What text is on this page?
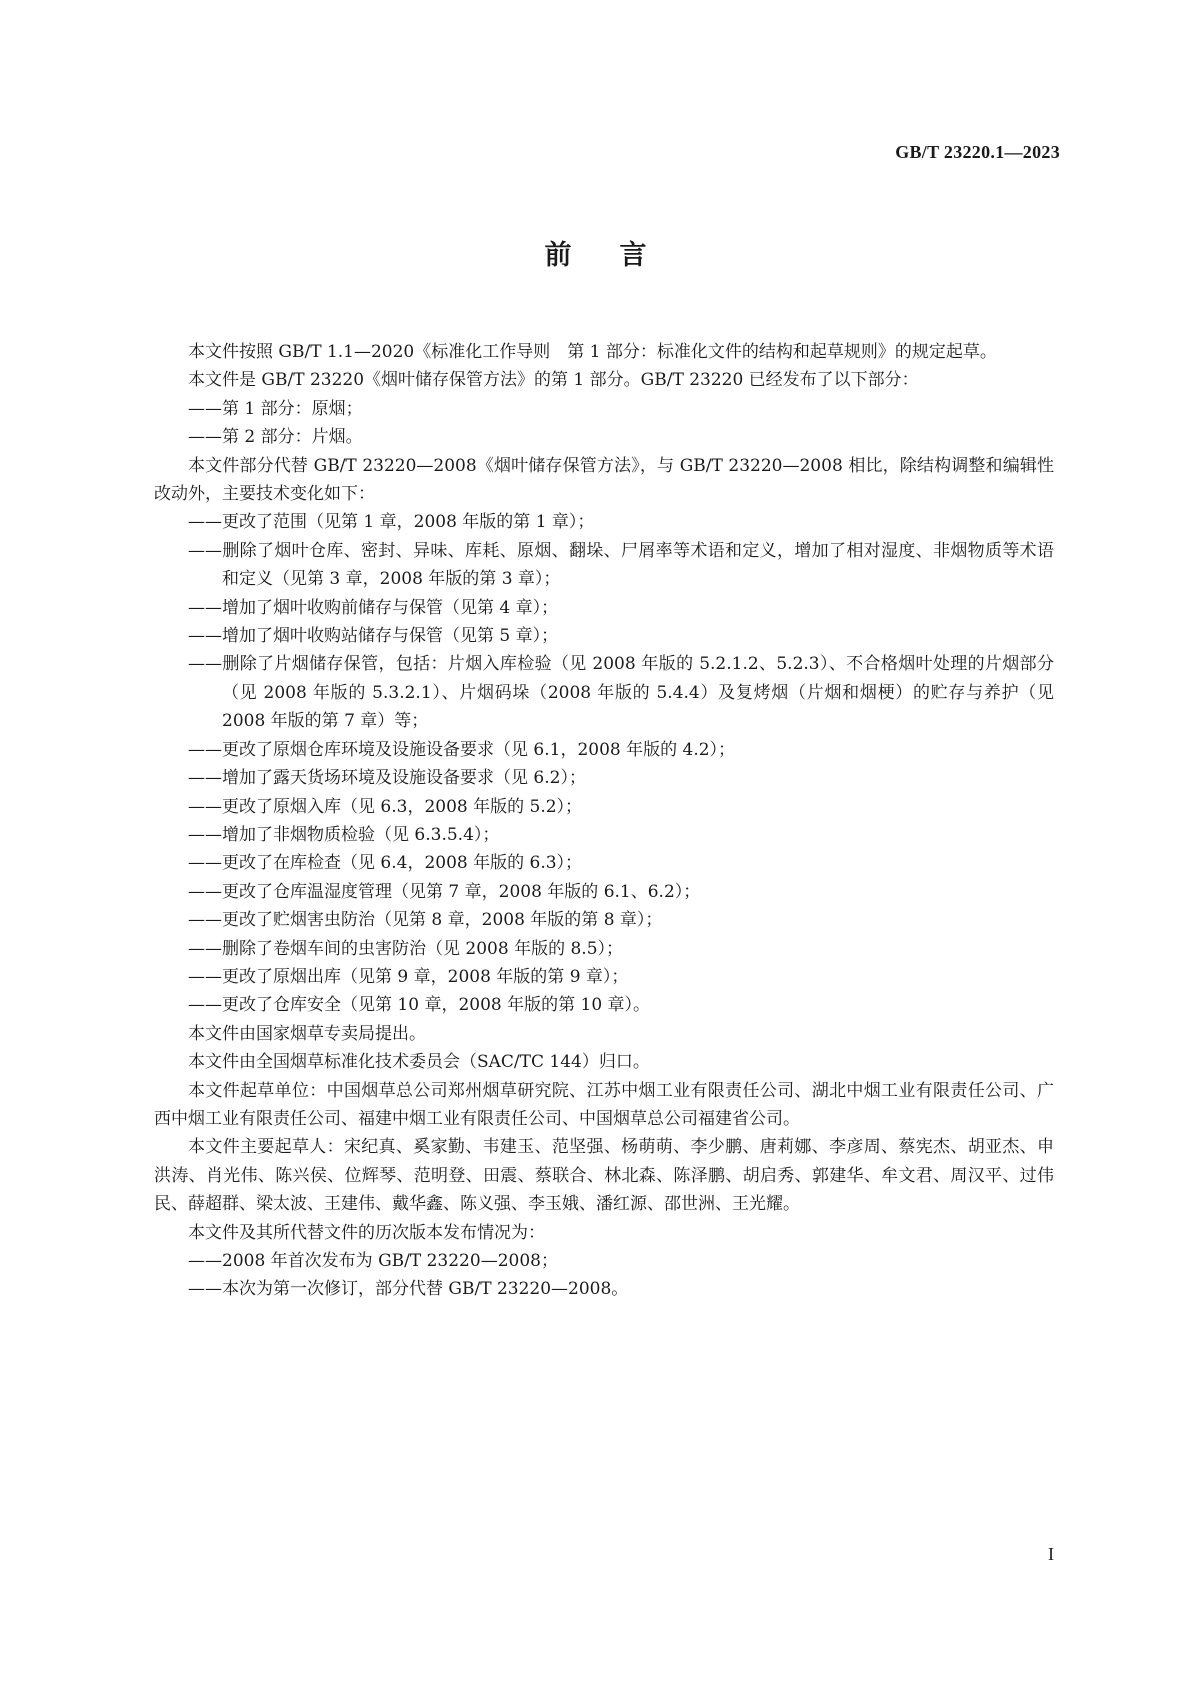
GB/T 23220.1—2023
前言

本文件按照 GB/T 1.1—2020《标准化工作导则　第 1 部分：标准化文件的结构和起草规则》的规定起草。

本文件是 GB/T 23220《烟叶储存保管方法》的第 1 部分。GB/T 23220 已经发布了以下部分：

——第 1 部分：原烟；

——第 2 部分：片烟。

本文件部分代替 GB/T 23220—2008《烟叶储存保管方法》，与 GB/T 23220—2008 相比，除结构调整和编辑性改动外，主要技术变化如下：

——更改了范围（见第 1 章，2008 年版的第 1 章）；

——删除了烟叶仓库、密封、异味、库耗、原烟、翻垛、尸屑率等术语和定义，增加了相对湿度、非烟物质等术语和定义（见第 3 章，2008 年版的第 3 章）；

——增加了烟叶收购前储存与保管（见第 4 章）；

——增加了烟叶收购站储存与保管（见第 5 章）；

——删除了片烟储存保管，包括：片烟入库检验（见 2008 年版的 5.2.1.2、5.2.3）、不合格烟叶处理的片烟部分（见 2008 年版的 5.3.2.1）、片烟码垛（2008 年版的 5.4.4）及复烤烟（片烟和烟梗）的贮存与养护（见 2008 年版的第 7 章）等；

——更改了原烟仓库环境及设施设备要求（见 6.1，2008 年版的 4.2）；

——增加了露天货场环境及设施设备要求（见 6.2）；

——更改了原烟入库（见 6.3，2008 年版的 5.2）；

——增加了非烟物质检验（见 6.3.5.4）；

——更改了在库检查（见 6.4，2008 年版的 6.3）；

——更改了仓库温湿度管理（见第 7 章，2008 年版的 6.1、6.2）；

——更改了贮烟害虫防治（见第 8 章，2008 年版的第 8 章）；

——删除了卷烟车间的虫害防治（见 2008 年版的 8.5）；

——更改了原烟出库（见第 9 章，2008 年版的第 9 章）；

——更改了仓库安全（见第 10 章，2008 年版的第 10 章）。

本文件由国家烟草专卖局提出。

本文件由全国烟草标准化技术委员会（SAC/TC 144）归口。

本文件起草单位：中国烟草总公司郑州烟草研究院、江苏中烟工业有限责任公司、湖北中烟工业有限责任公司、广西中烟工业有限责任公司、福建中烟工业有限责任公司、中国烟草总公司福建省公司。

本文件主要起草人：宋纪真、奚家勤、韦建玉、范坚强、杨萌萌、李少鹏、唐莉娜、李彦周、蔡宪杰、胡亚杰、申洪涛、肖光伟、陈兴侯、位辉琴、范明登、田震、蔡联合、林北森、陈泽鹏、胡启秀、郭建华、牟文君、周汉平、过伟民、薛超群、梁太波、王建伟、戴华鑫、陈义强、李玉娥、潘红源、邵世洲、王光耀。

本文件及其所代替文件的历次版本发布情况为：

——2008 年首次发布为 GB/T 23220—2008；

——本次为第一次修订，部分代替 GB/T 23220—2008。

I
